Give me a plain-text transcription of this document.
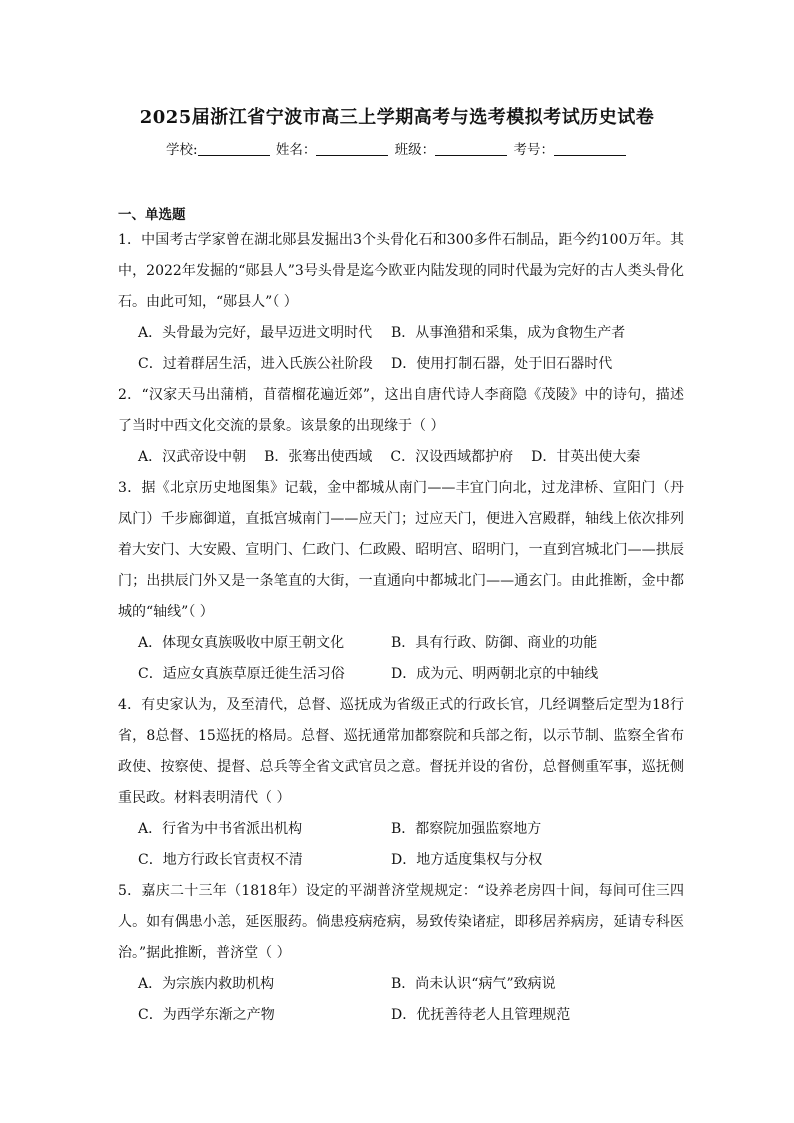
2025届浙江省宁波市高三上学期高考与选考模拟考试历史试卷
学校:	姓名：	班级：	考号：
一、单选题

1．中国考古学家曾在湖北郧县发掘出3个头骨化石和300多件石制品，距今约100万年。其中，2022年发掘的“郧县人”3号头骨是迄今欧亚内陆发现的同时代最为完好的古人类头骨化石。由此可知，“郧县人”（ ）

A．头骨最为完好，最早迈进文明时代	B．从事渔猎和采集，成为食物生产者
C．过着群居生活，进入氏族公社阶段	D．使用打制石器，处于旧石器时代

2．“汉家天马出蒲梢，苜蓿榴花遍近郊”，这出自唐代诗人李商隐《茂陵》中的诗句，描述了当时中西文化交流的景象。该景象的出现缘于（ ）

A．汉武帝设中朝 B．张骞出使西域 C．汉设西域都护府 D．甘英出使大秦

3．据《北京历史地图集》记载，金中都城从南门——丰宜门向北，过龙津桥、宣阳门（丹凤门）千步廊御道，直抵宫城南门——应天门；过应天门，便进入宫殿群，轴线上依次排列着大安门、大安殿、宣明门、仁政门、仁政殿、昭明宫、昭明门，一直到宫城北门——拱辰门；出拱辰门外又是一条笔直的大街，一直通向中都城北门——通玄门。由此推断，金中都城的“轴线”（ ）

A．体现女真族吸收中原王朝文化	B．具有行政、防御、商业的功能
C．适应女真族草原迁徙生活习俗	D．成为元、明两朝北京的中轴线

4．有史家认为，及至清代，总督、巡抚成为省级正式的行政长官，几经调整后定型为18行省，8总督、15巡抚的格局。总督、巡抚通常加都察院和兵部之衔，以示节制、监察全省布政使、按察使、提督、总兵等全省文武官员之意。督抚并设的省份，总督侧重军事，巡抚侧重民政。材料表明清代（ ）

A．行省为中书省派出机构	B．都察院加强监察地方
C．地方行政长官责权不清	D．地方适度集权与分权

5．嘉庆二十三年（1818年）设定的平湖普济堂规规定：“设养老房四十间，每间可住三四人。如有偶患小恙，延医服药。倘患疫病疮病，易致传染诸症，即移居养病房，延请专科医治。”据此推断，普济堂（ ）

A．为宗族内救助机构	B．尚未认识“病气”致病说
C．为西学东渐之产物	D．优抚善待老人且管理规范
